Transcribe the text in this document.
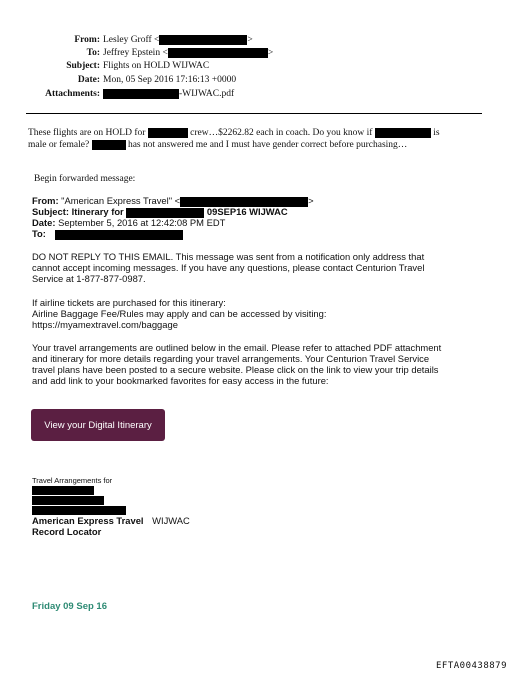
From: Lesley Groff <	>
To: Jeffrey Epstein <	>
Subject: Flights on HOLD WIJWAC
Date: Mon, 05 Sep 2016 17:16:13 +0000
Attachments:	-WIJWAC.pdf
These flights are on HOLD for	crew…$2262.82 each in coach. Do you know if	is
male or female?	has not answered me and I must have gender correct before purchasing…
Begin forwarded message:
From: "American Express Travel" <	>
Subject: Itinerary for	09SEP16 WIJWAC
Date: September 5, 2016 at 12:42:08 PM EDT
To:
DO NOT REPLY TO THIS EMAIL. This message was sent from a notification only address that
cannot accept incoming messages. If you have any questions, please contact Centurion Travel
Service at 1-877-877-0987.
If airline tickets are purchased for this itinerary:
Airline Baggage Fee/Rules may apply and can be accessed by visiting:
https://myamextravel.com/baggage
Your travel arrangements are outlined below in the email. Please refer to attached PDF attachment
and itinerary for more details regarding your travel arrangements. Your Centurion Travel Service
travel plans have been posted to a secure website. Please click on the link to view your trip details
and add link to your bookmarked favorites for easy access in the future:
View your Digital Itinerary
Travel Arrangements for
American Express Travel WIJWAC
Record Locator
Friday 09 Sep 16
EFTA00438879
